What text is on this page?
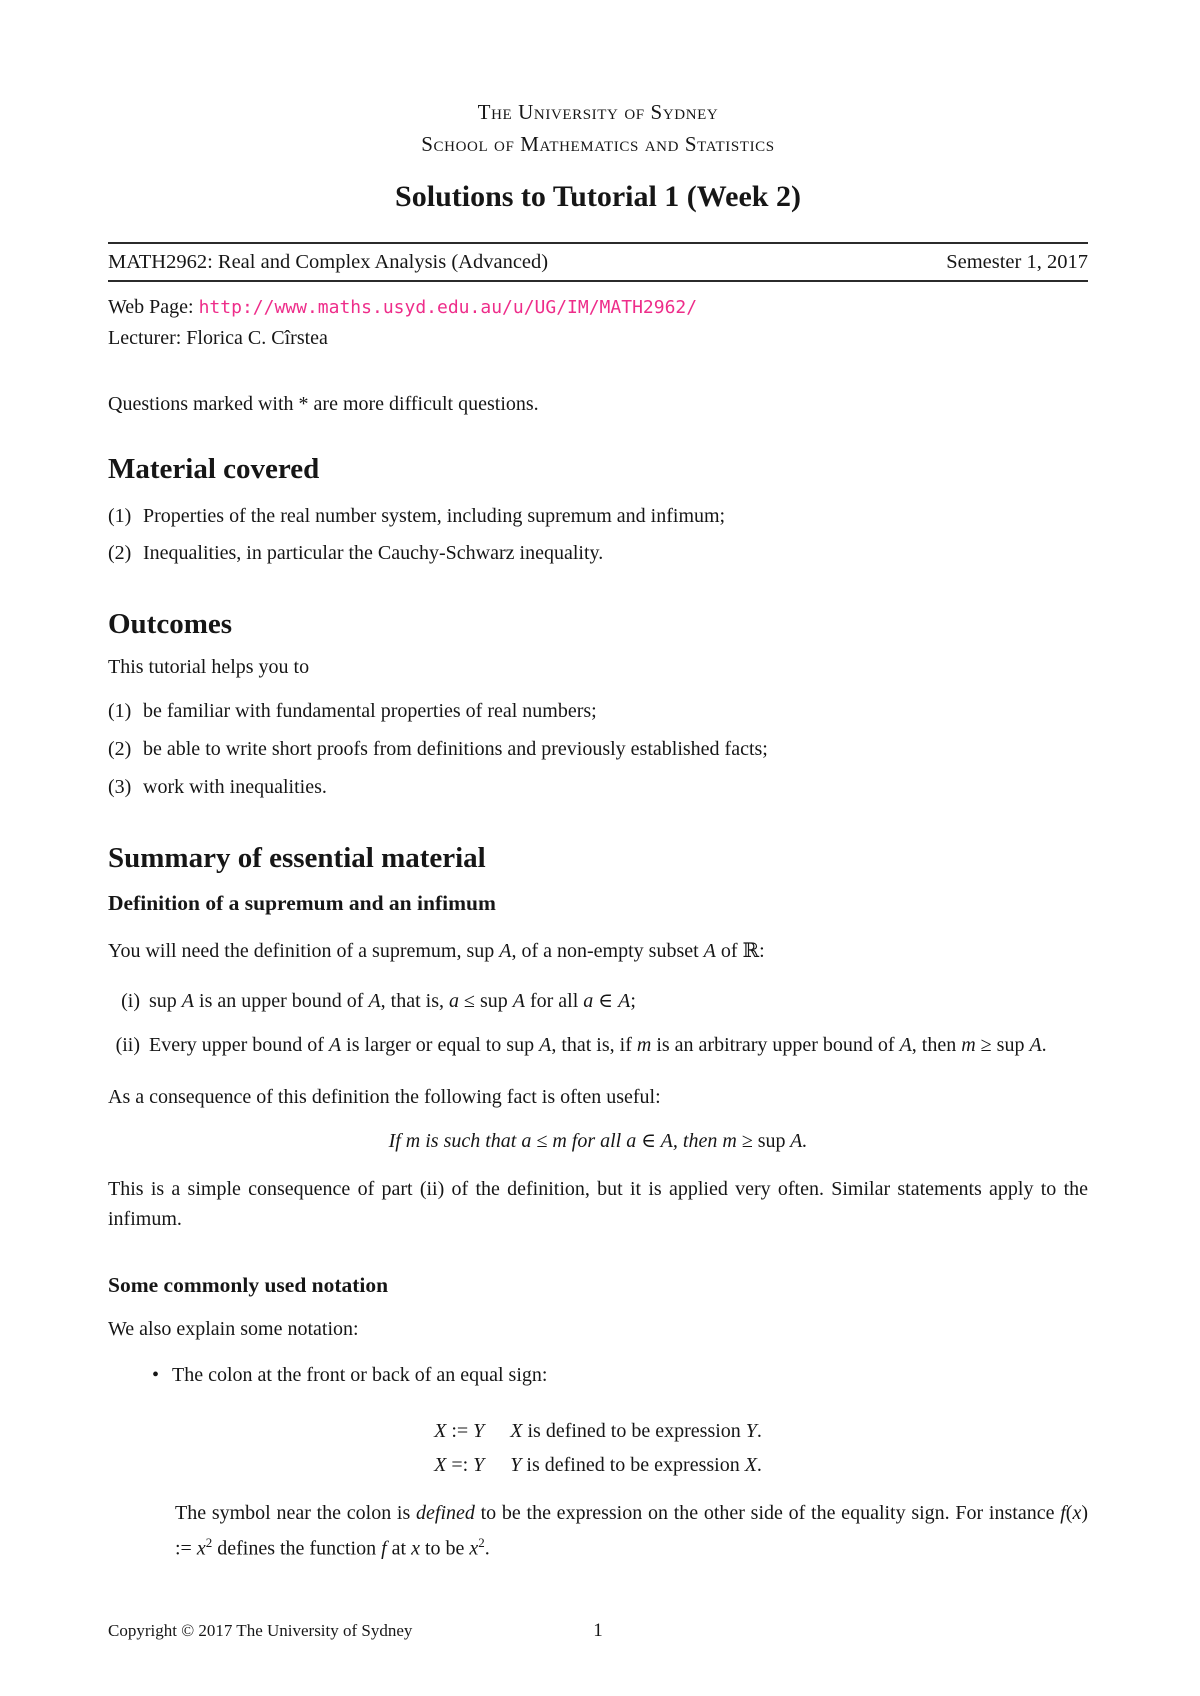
The University of Sydney
School of Mathematics and Statistics
Solutions to Tutorial 1 (Week 2)
MATH2962: Real and Complex Analysis (Advanced)	Semester 1, 2017
Web Page: http://www.maths.usyd.edu.au/u/UG/IM/MATH2962/
Lecturer: Florica C. Cîrstea
Questions marked with * are more difficult questions.
Material covered
(1) Properties of the real number system, including supremum and infimum;
(2) Inequalities, in particular the Cauchy-Schwarz inequality.
Outcomes
This tutorial helps you to
(1) be familiar with fundamental properties of real numbers;
(2) be able to write short proofs from definitions and previously established facts;
(3) work with inequalities.
Summary of essential material
Definition of a supremum and an infimum
You will need the definition of a supremum, sup A, of a non-empty subset A of ℝ:
(i) sup A is an upper bound of A, that is, a ≤ sup A for all a ∈ A;
(ii) Every upper bound of A is larger or equal to sup A, that is, if m is an arbitrary upper bound of A, then m ≥ sup A.
As a consequence of this definition the following fact is often useful:
If m is such that a ≤ m for all a ∈ A, then m ≥ sup A.
This is a simple consequence of part (ii) of the definition, but it is applied very often. Similar statements apply to the infimum.
Some commonly used notation
We also explain some notation:
• The colon at the front or back of an equal sign:
X := Y X is defined to be expression Y.
X =: Y Y is defined to be expression X.
The symbol near the colon is defined to be the expression on the other side of the equality sign. For instance f(x) := $x^2$ defines the function f at x to be $x^2$.
Copyright © 2017 The University of Sydney	1
